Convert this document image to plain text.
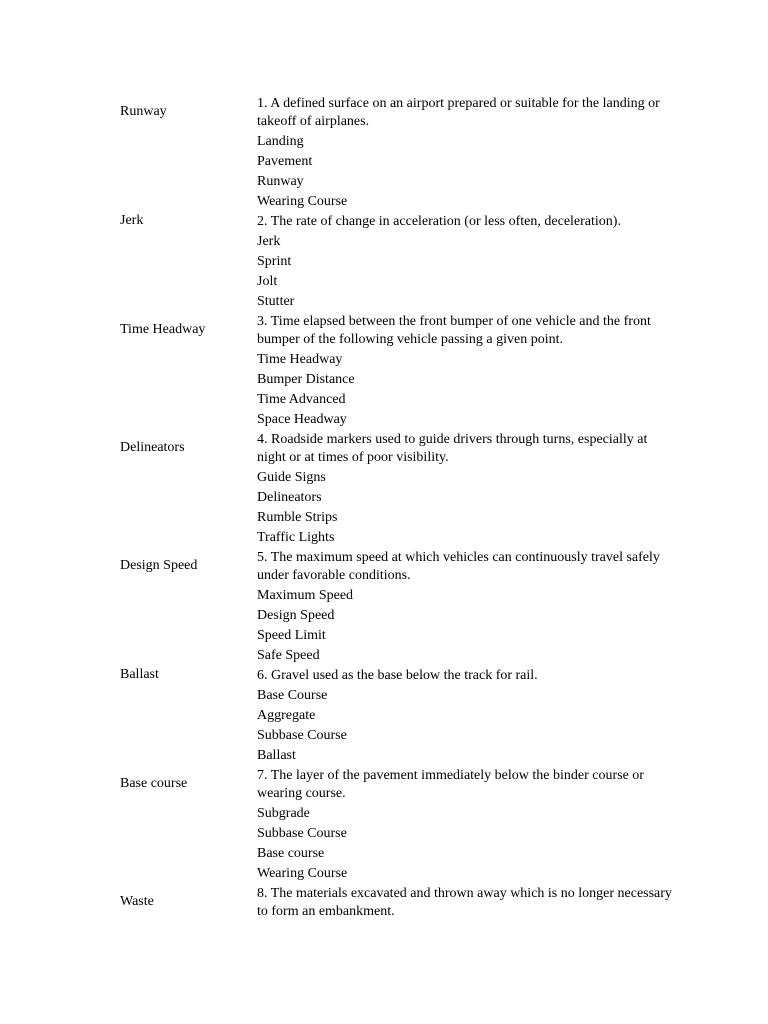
Runway
1. A defined surface on an airport prepared or suitable for the landing or takeoff of airplanes.
Landing
Pavement
Runway
Wearing Course
Jerk	2. The rate of change in acceleration (or less often, deceleration).
Jerk
Sprint
Jolt
Stutter
Time Headway
3. Time elapsed between the front bumper of one vehicle and the front bumper of the following vehicle passing a given point.
Time Headway
Bumper Distance
Time Advanced
Space Headway
Delineators
4. Roadside markers used to guide drivers through turns, especially at night or at times of poor visibility.
Guide Signs
Delineators
Rumble Strips
Traffic Lights
Design Speed
5. The maximum speed at which vehicles can continuously travel safely under favorable conditions.
Maximum Speed
Design Speed
Speed Limit
Safe Speed
Ballast	6. Gravel used as the base below the track for rail.
Base Course
Aggregate
Subbase Course
Ballast
Base course
7. The layer of the pavement immediately below the binder course or wearing course.
Subgrade
Subbase Course
Base course
Wearing Course
Waste
8. The materials excavated and thrown away which is no longer necessary to form an embankment.
